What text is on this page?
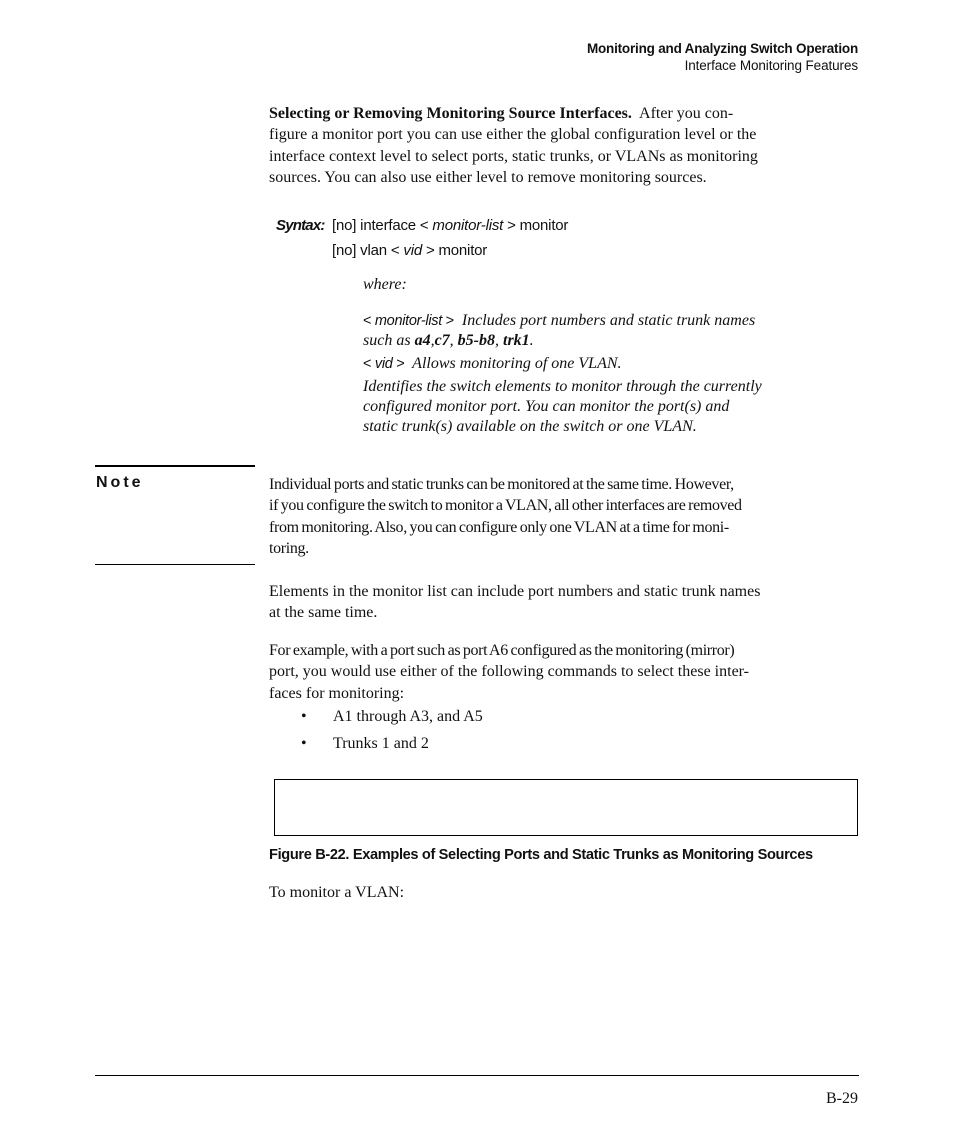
Monitoring and Analyzing Switch Operation
Interface Monitoring Features
Selecting or Removing Monitoring Source Interfaces. After you con-
figure a monitor port you can use either the global configuration level or the
interface context level to select ports, static trunks, or VLANs as monitoring
sources. You can also use either level to remove monitoring sources.
Syntax: [no] interface < monitor-list > monitor
[no] vlan < vid > monitor
where:
< monitor-list > Includes port numbers and static trunk names
such as a4,c7, b5-b8, trk1.
< vid > Allows monitoring of one VLAN.
Identifies the switch elements to monitor through the currently
configured monitor port. You can monitor the port(s) and
static trunk(s) available on the switch or one VLAN.
Note	Individual ports and static trunks can be monitored at the same time. However,
if you configure the switch to monitor a VLAN, all other interfaces are removed
from monitoring. Also, you can configure only one VLAN at a time for moni-
toring.
Elements in the monitor list can include port numbers and static trunk names
at the same time.
For example, with a port such as port A6 configured as the monitoring (mirror)
port, you would use either of the following commands to select these inter-
faces for monitoring:
• A1 through A3, and A5
• Trunks 1 and 2
Figure B-22. Examples of Selecting Ports and Static Trunks as Monitoring Sources
To monitor a VLAN:
B-29
